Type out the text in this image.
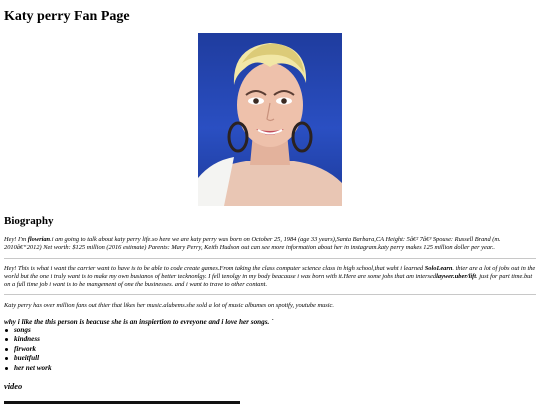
Katy perry Fan Page
Biography

Hey! I'm flowrian.i am going to talk about katy perry life.so here we are katy perry was born on October 25, 1984 (age 33 years),Santa Barbara,CA Height: 5â€² 7â€³ Spouse: Russell Brand (m. 2010â€“2012) Net worth: $125 million (2016 estimate) Parents: Mary Perry, Keith Hudson out can see more information about her in instagram.katy perry makes 125 million doller per year..

Hey! This is what i want the carrier want to have is to be able to code create games.From taking the class computer science class in high school,that waht i learned SoloLearn. thier are a lot of jobs out in the world but the one i truly want is to make my own busianos of better tecknonlgy. I fell tenolgy in my body beacause i was born with it.Here are some jobs that am intersedlaywer.uber/lift. just for part time.but on a full time job i want is to be mangement of one the businesses. and i want to trave to other contant.

Katy perry has over million fans out thier that likes her music.alubems.she sold a lot of music albumes on spotify, youtube music.

why i like the this person is beacuse she is an inspiertion to evreyone and i love her songs. `

songs
kindness
firwork
bueitfull
her net work
video
